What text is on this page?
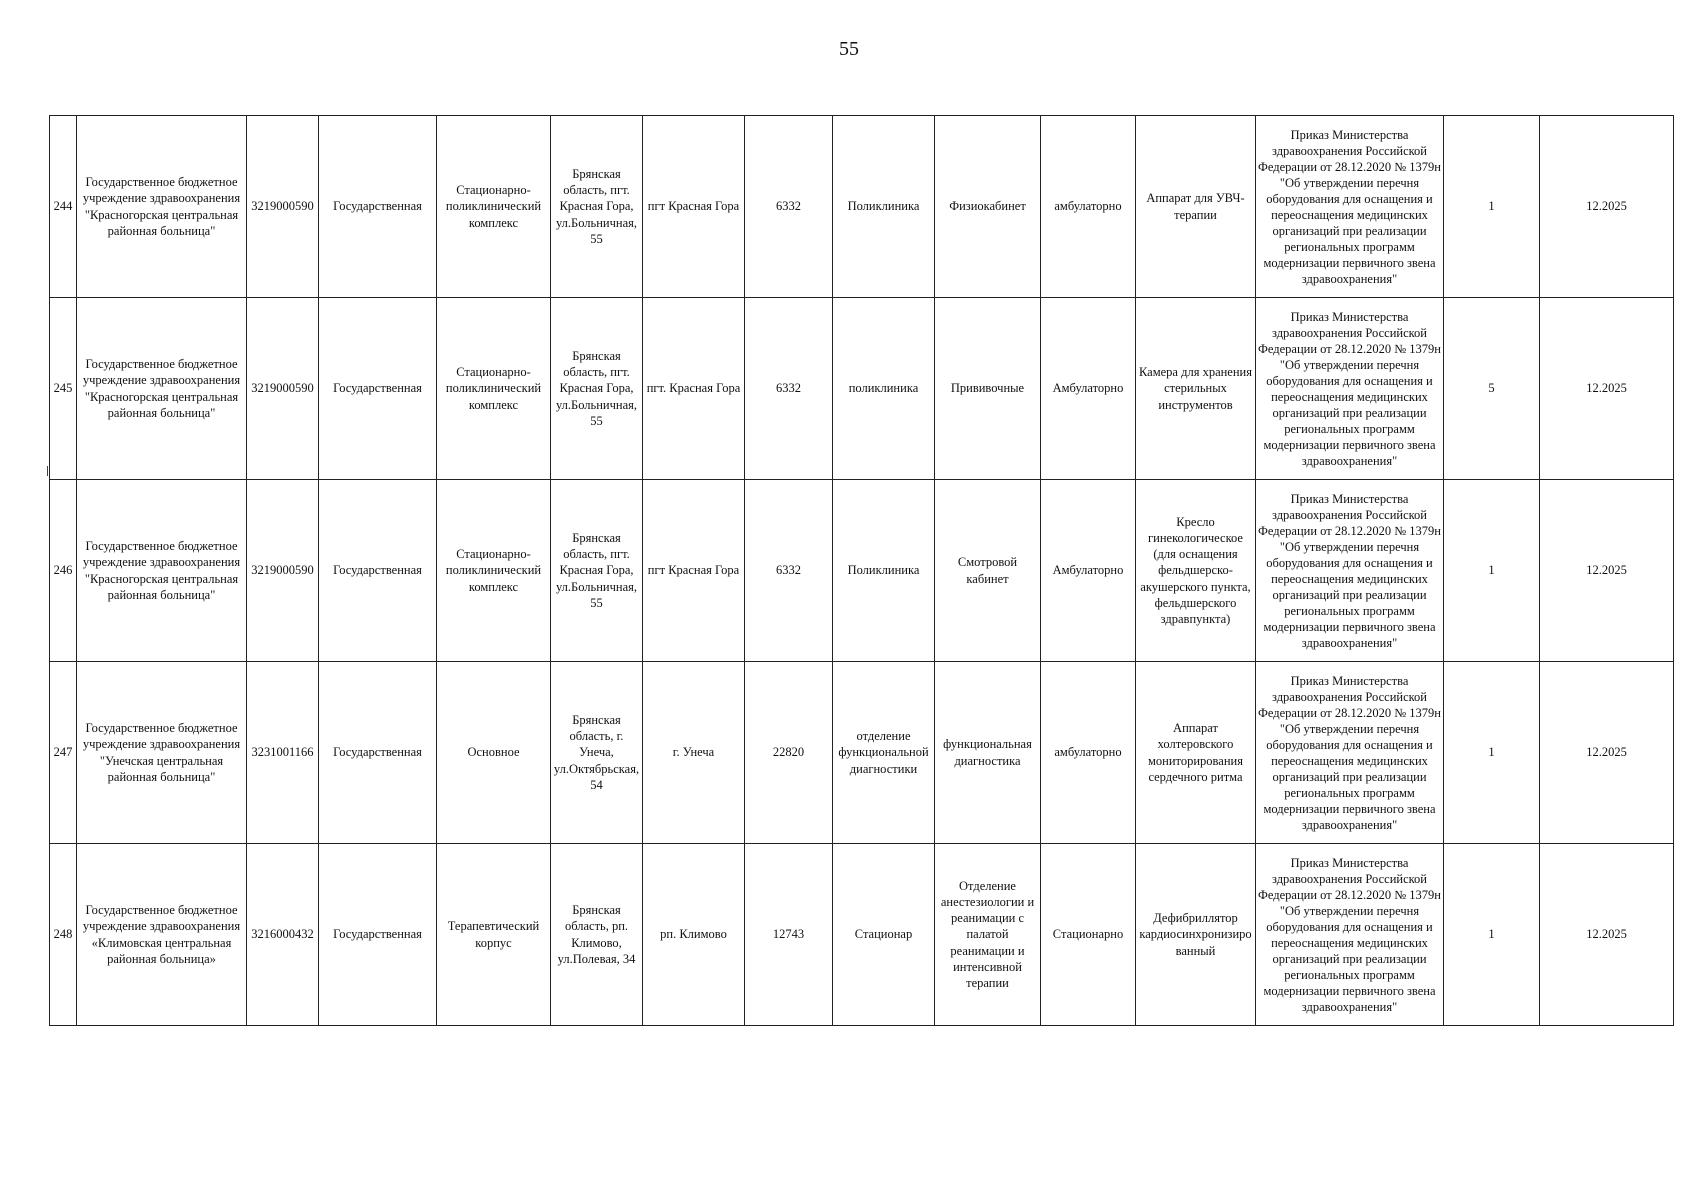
55
244	Государственное бюджетное учреждение здравоохранения "Красногорская центральная районная больница"	3219000590	Государственная	Стационарно-поликлинический комплекс	Брянская область, пгт. Красная Гора, ул.Больничная, 55	пгт Красная Гора	6332	Поликлиника	Физиокабинет	амбулаторно	Аппарат для УВЧ-терапии	Приказ Министерства здравоохранения Российской Федерации от 28.12.2020 № 1379н "Об утверждении перечня оборудования для оснащения и переоснащения медицинских организаций при реализации региональных программ модернизации первичного звена здравоохранения"	1	12.2025
245	Государственное бюджетное учреждение здравоохранения "Красногорская центральная районная больница"	3219000590	Государственная	Стационарно-поликлинический комплекс	Брянская область, пгт. Красная Гора, ул.Больничная, 55	пгт. Красная Гора	6332	поликлиника	Прививочные	Амбулаторно	Камера для хранения стерильных инструментов	Приказ Министерства здравоохранения Российской Федерации от 28.12.2020 № 1379н "Об утверждении перечня оборудования для оснащения и переоснащения медицинских организаций при реализации региональных программ модернизации первичного звена здравоохранения"	5	12.2025
246	Государственное бюджетное учреждение здравоохранения "Красногорская центральная районная больница"	3219000590	Государственная	Стационарно-поликлинический комплекс	Брянская область, пгт. Красная Гора, ул.Больничная, 55	пгт Красная Гора	6332	Поликлиника	Смотровой кабинет	Амбулаторно	Кресло гинекологическое (для оснащения фельдшерско-акушерского пункта, фельдшерского здравпункта)	Приказ Министерства здравоохранения Российской Федерации от 28.12.2020 № 1379н "Об утверждении перечня оборудования для оснащения и переоснащения медицинских организаций при реализации региональных программ модернизации первичного звена здравоохранения"	1	12.2025
247	Государственное бюджетное учреждение здравоохранения "Унечская центральная районная больница"	3231001166	Государственная	Основное	Брянская область, г. Унеча, ул.Октябрьская, 54	г. Унеча	22820	отделение функциональной диагностики	функциональная диагностика	амбулаторно	Аппарат холтеровского мониторирования сердечного ритма	Приказ Министерства здравоохранения Российской Федерации от 28.12.2020 № 1379н "Об утверждении перечня оборудования для оснащения и переоснащения медицинских организаций при реализации региональных программ модернизации первичного звена здравоохранения"	1	12.2025
248	Государственное бюджетное учреждение здравоохранения «Климовская центральная районная больница»	3216000432	Государственная	Терапевтический корпус	Брянская область, рп. Климово, ул.Полевая, 34	рп. Климово	12743	Стационар	Отделение анестезиологии и реанимации с палатой реанимации и интенсивной терапии	Стационарно	Дефибриллятор кардиосинхронизированный	Приказ Министерства здравоохранения Российской Федерации от 28.12.2020 № 1379н "Об утверждении перечня оборудования для оснащения и переоснащения медицинских организаций при реализации региональных программ модернизации первичного звена здравоохранения"	1	12.2025
